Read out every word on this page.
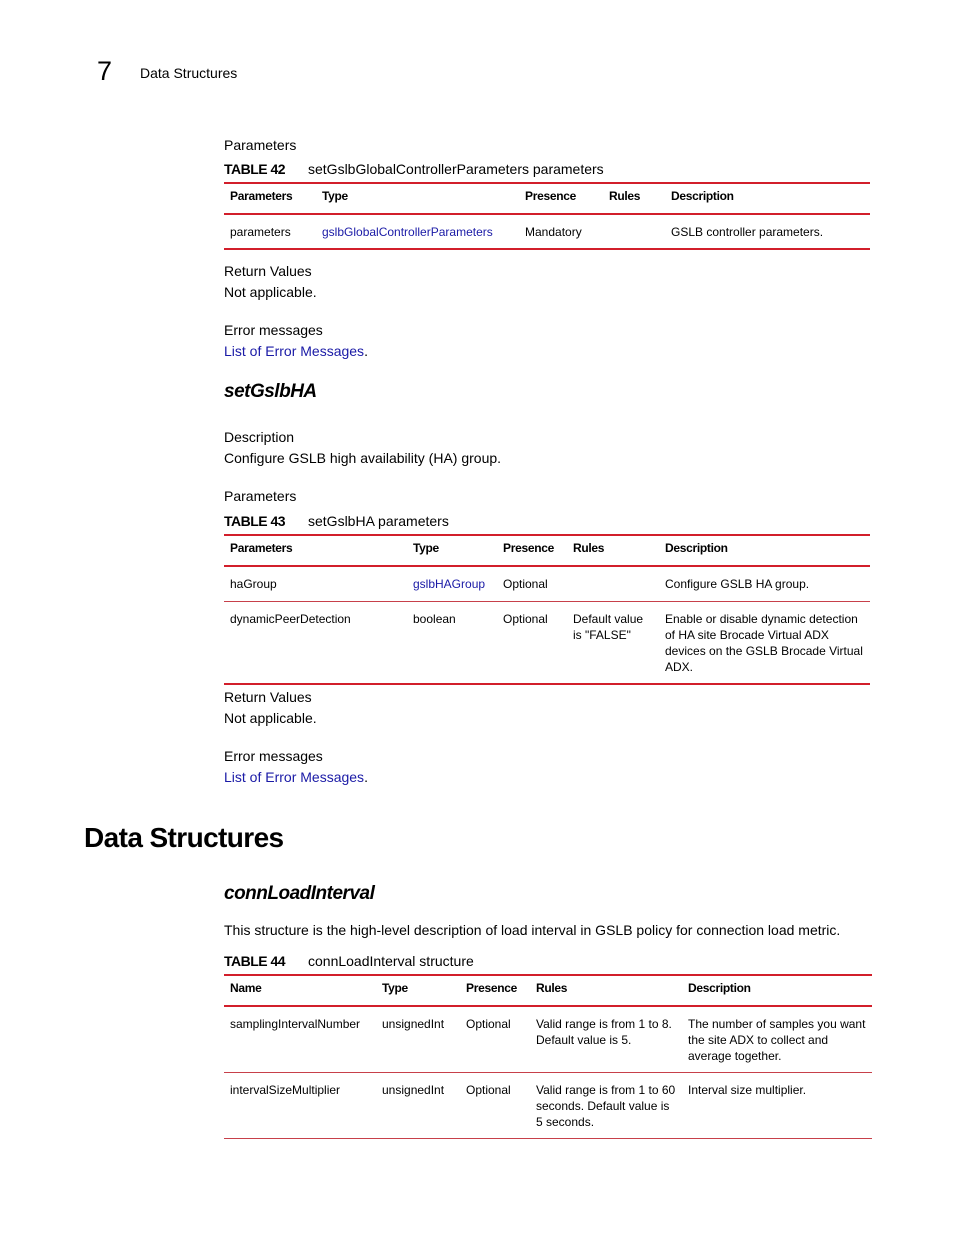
7 Data Structures
Parameters
TABLE 42 setGslbGlobalControllerParameters parameters
Parameters	Type	Presence	Rules	Description
parameters	gslbGlobalControllerParameters	Mandatory		GSLB controller parameters.
Return Values
Not applicable.
Error messages
List of Error Messages.
setGslbHA
Description
Configure GSLB high availability (HA) group.
Parameters
TABLE 43 setGslbHA parameters
Parameters	Type	Presence	Rules	Description
haGroup	gslbHAGroup	Optional		Configure GSLB HA group.
dynamicPeerDetection	boolean	Optional	Default value is "FALSE"	Enable or disable dynamic detection of HA site Brocade Virtual ADX devices on the GSLB Brocade Virtual ADX.
Return Values
Not applicable.
Error messages
List of Error Messages.
Data Structures
connLoadInterval
This structure is the high-level description of load interval in GSLB policy for connection load metric.
TABLE 44 connLoadInterval structure
Name	Type	Presence	Rules	Description
samplingIntervalNumber	unsignedInt	Optional	Valid range is from 1 to 8. Default value is 5.	The number of samples you want the site ADX to collect and average together.
intervalSizeMultiplier	unsignedInt	Optional	Valid range is from 1 to 60 seconds. Default value is 5 seconds.	Interval size multiplier.
